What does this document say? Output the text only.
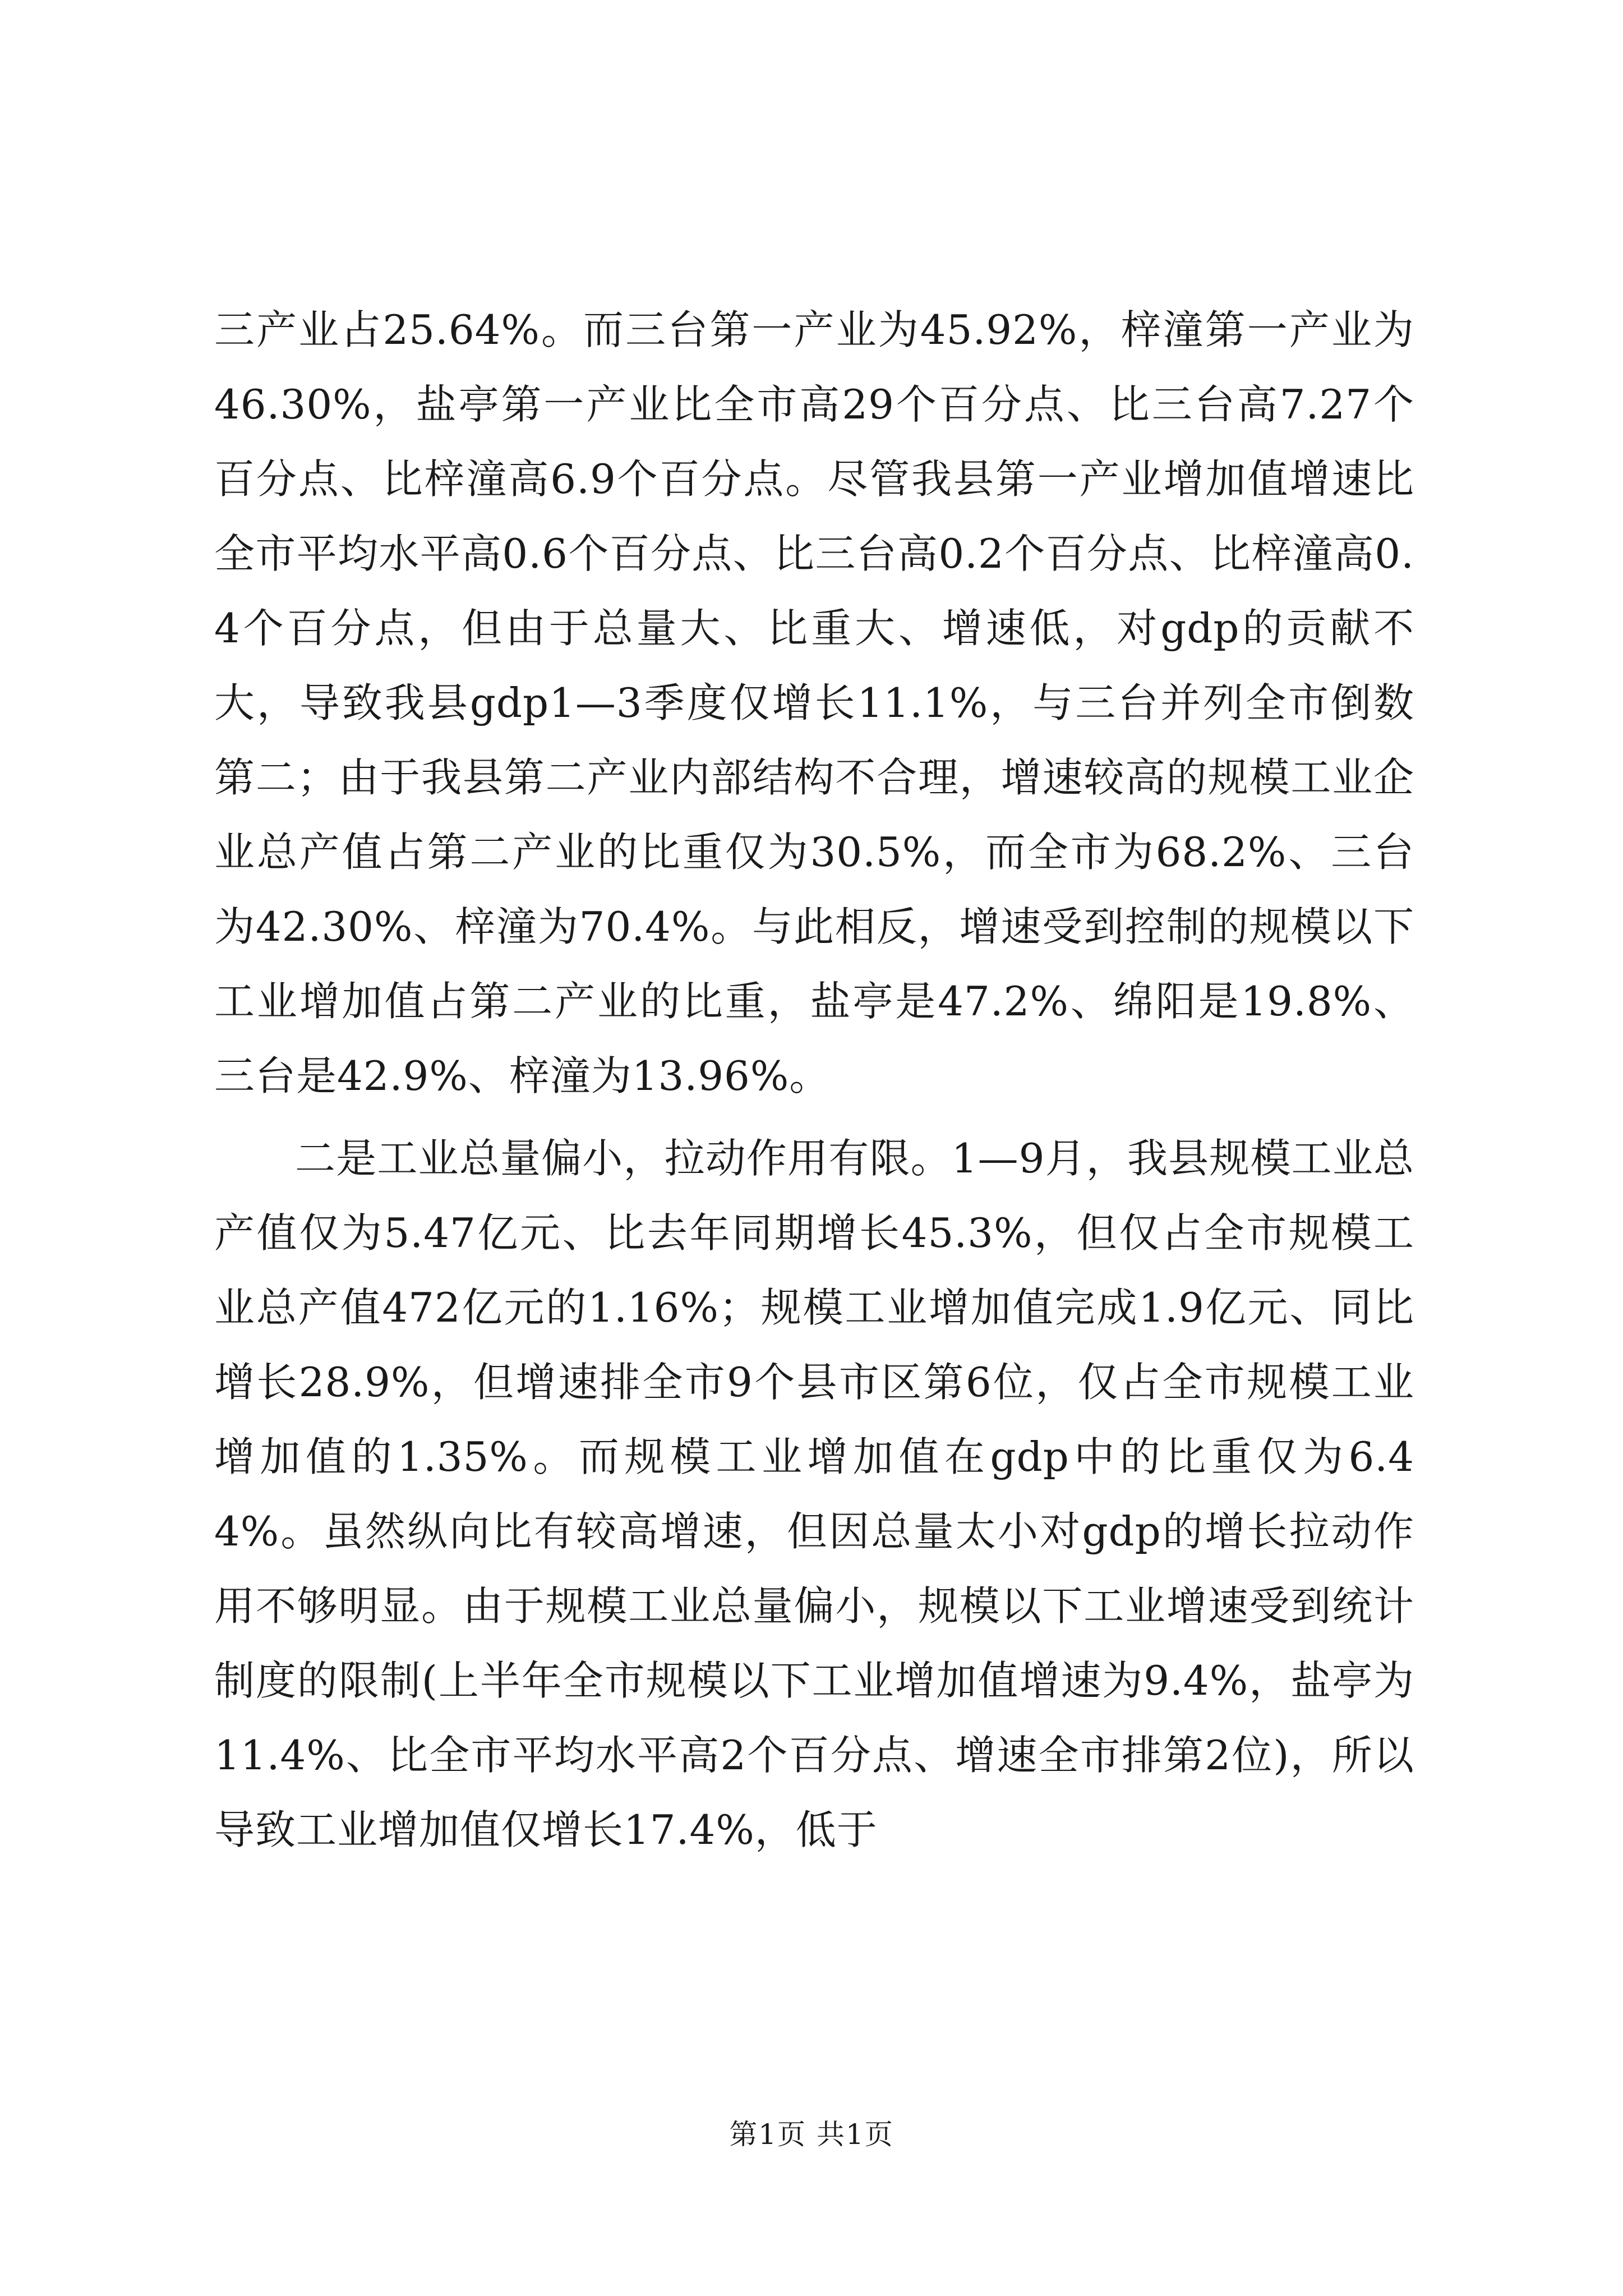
三产业占25.64%。而三台第一产业为45.92%，梓潼第一产业为46.30%，盐亭第一产业比全市高29个百分点、比三台高7.27个百分点、比梓潼高6.9个百分点。尽管我县第一产业增加值增速比全市平均水平高0.6个百分点、比三台高0.2个百分点、比梓潼高0.4个百分点，但由于总量大、比重大、增速低，对gdp的贡献不大，导致我县gdp1—3季度仅增长11.1%，与三台并列全市倒数第二；由于我县第二产业内部结构不合理，增速较高的规模工业企业总产值占第二产业的比重仅为30.5%，而全市为68.2%、三台为42.30%、梓潼为70.4%。与此相反，增速受到控制的规模以下工业增加值占第二产业的比重，盐亭是47.2%、绵阳是19.8%、三台是42.9%、梓潼为13.96%。

二是工业总量偏小，拉动作用有限。1—9月，我县规模工业总产值仅为5.47亿元、比去年同期增长45.3%，但仅占全市规模工业总产值472亿元的1.16%；规模工业增加值完成1.9亿元、同比增长28.9%，但增速排全市9个县市区第6位，仅占全市规模工业增加值的1.35%。而规模工业增加值在gdp中的比重仅为6.44%。虽然纵向比有较高增速，但因总量太小对gdp的增长拉动作用不够明显。由于规模工业总量偏小，规模以下工业增速受到统计制度的限制(上半年全市规模以下工业增加值增速为9.4%，盐亭为11.4%、比全市平均水平高2个百分点、增速全市排第2位)，所以导致工业增加值仅增长17.4%，低于

第1页 共1页
